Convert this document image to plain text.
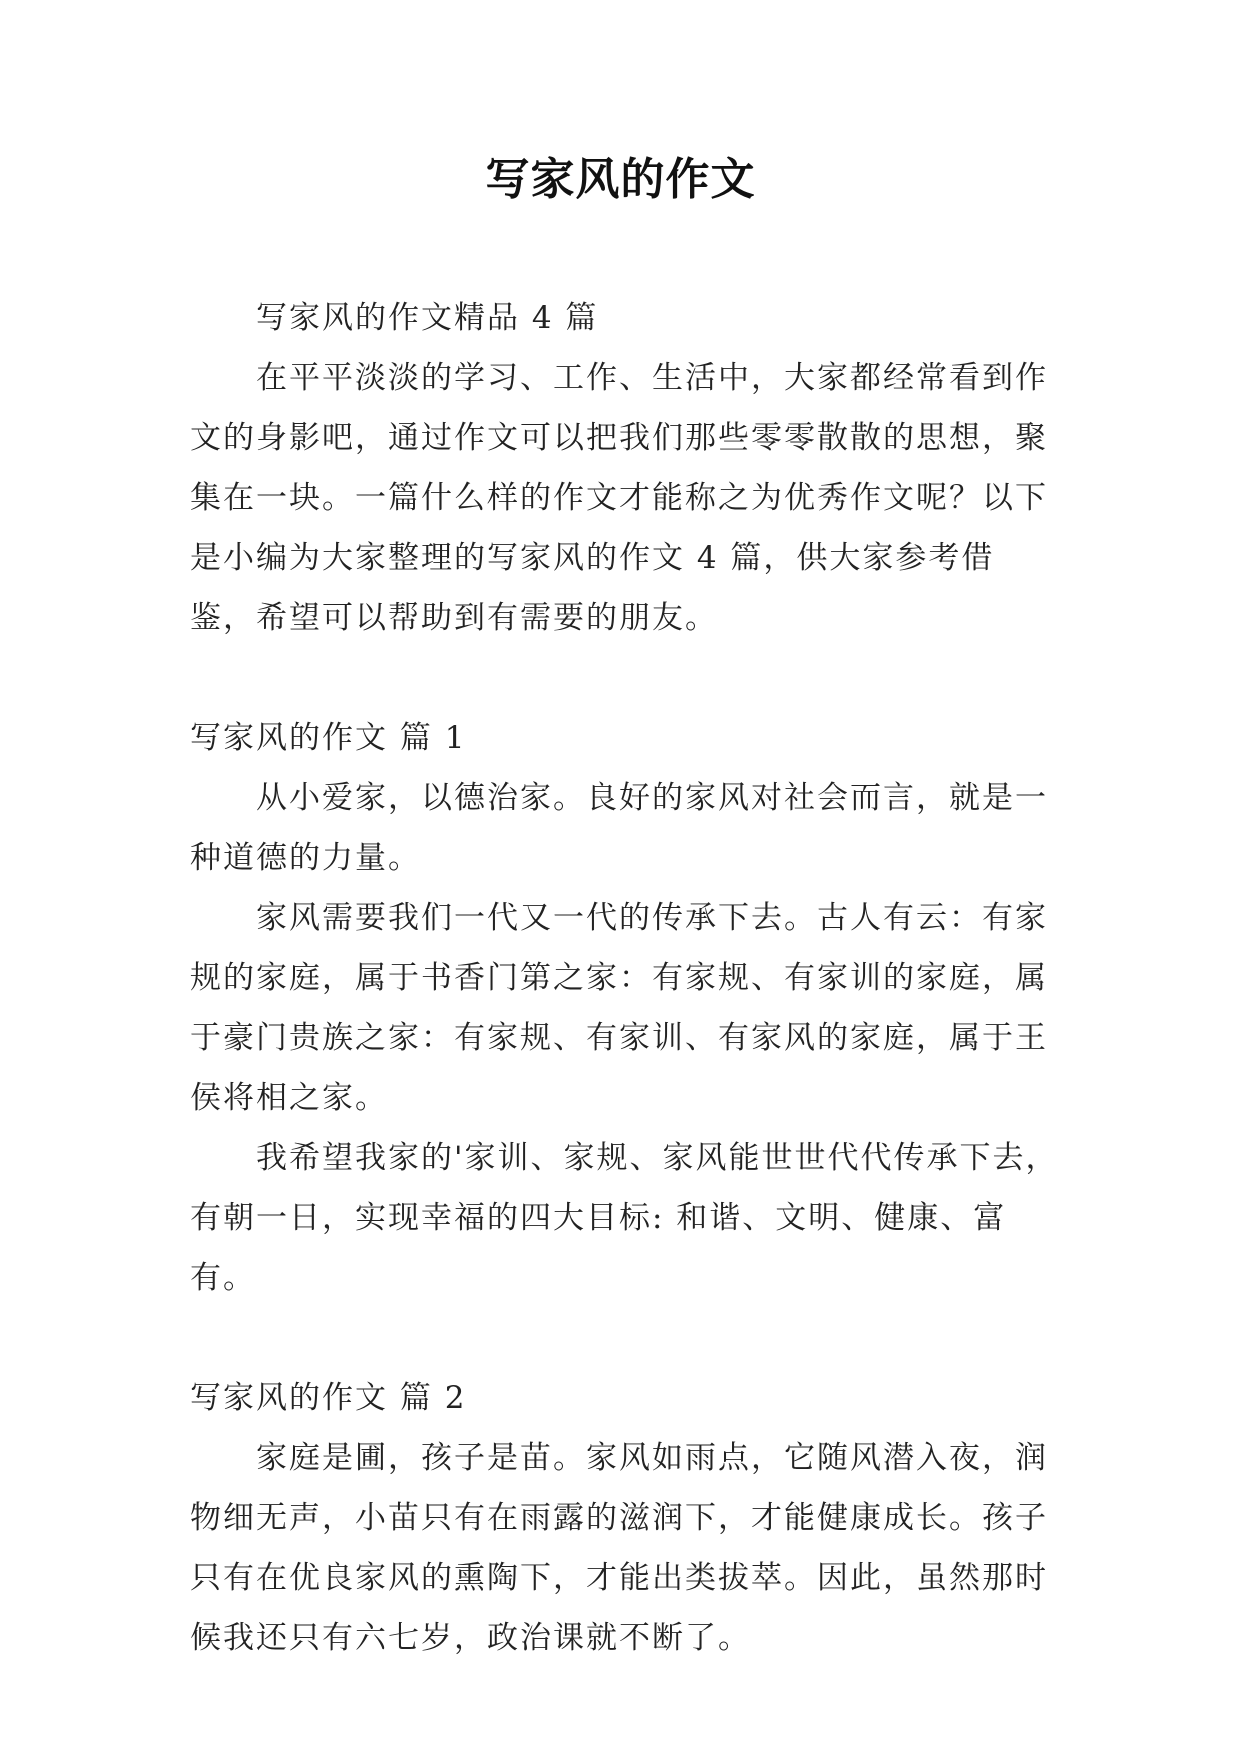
写家风的作文

写家风的作文精品 4 篇

在平平淡淡的学习、工作、生活中，大家都经常看到作文的身影吧，通过作文可以把我们那些零零散散的思想，聚集在一块。一篇什么样的作文才能称之为优秀作文呢？以下是小编为大家整理的写家风的作文 4 篇，供大家参考借鉴，希望可以帮助到有需要的朋友。

写家风的作文 篇 1

从小爱家，以德治家。良好的家风对社会而言，就是一种道德的力量。

家风需要我们一代又一代的传承下去。古人有云：有家规的家庭，属于书香门第之家：有家规、有家训的家庭，属于豪门贵族之家：有家规、有家训、有家风的家庭，属于王侯将相之家。

我希望我家的'家训、家规、家风能世世代代传承下去，有朝一日，实现幸福的四大目标: 和谐、文明、健康、富有。

写家风的作文 篇 2

家庭是圃，孩子是苗。家风如雨点，它随风潜入夜，润物细无声，小苗只有在雨露的滋润下，才能健康成长。孩子只有在优良家风的熏陶下，才能出类拔萃。因此，虽然那时候我还只有六七岁，政治课就不断了。
